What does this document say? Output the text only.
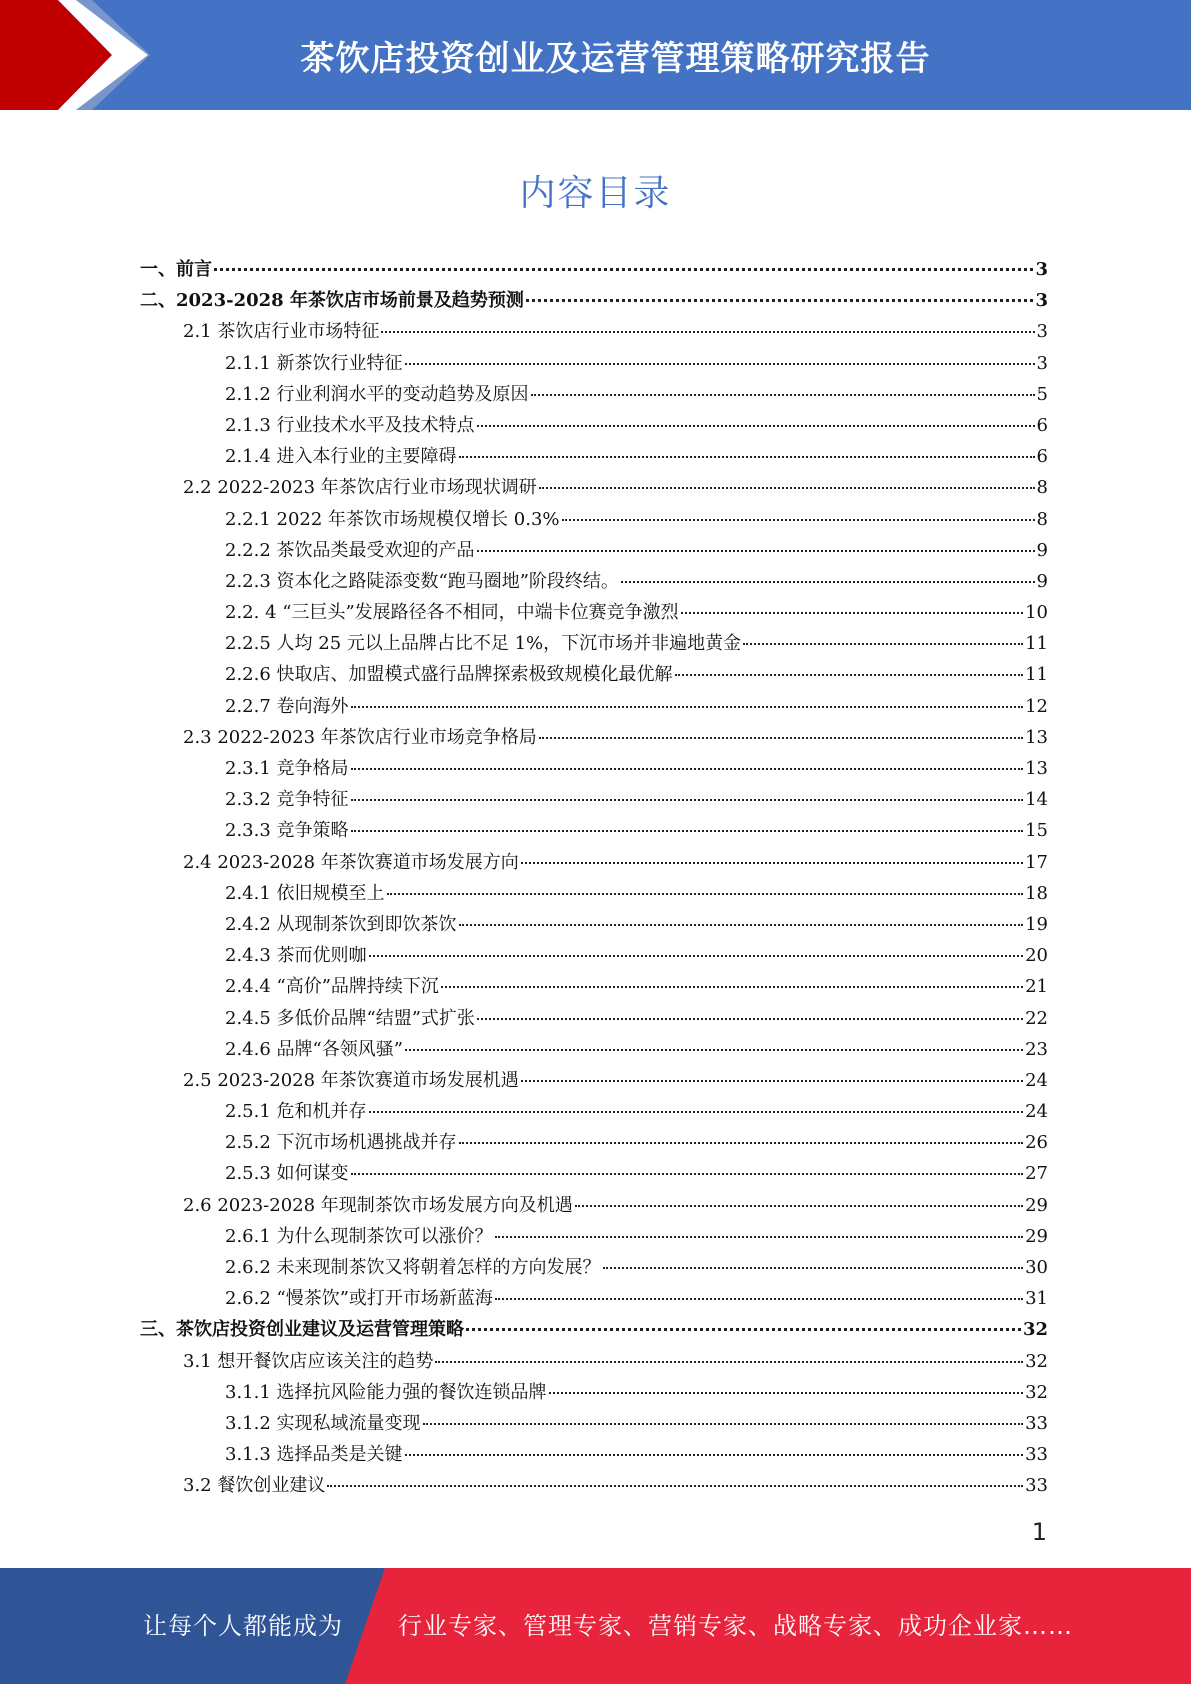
茶饮店投资创业及运营管理策略研究报告
内容目录
一、前言	3
二、2023-2028 年茶饮店市场前景及趋势预测	3
2.1 茶饮店行业市场特征	3
2.1.1 新茶饮行业特征	3
2.1.2 行业利润水平的变动趋势及原因	5
2.1.3 行业技术水平及技术特点	6
2.1.4 进入本行业的主要障碍	6
2.2 2022-2023 年茶饮店行业市场现状调研	8
2.2.1 2022 年茶饮市场规模仅增长 0.3%	8
2.2.2 茶饮品类最受欢迎的产品	9
2.2.3 资本化之路陡添变数“跑马圈地”阶段终结。	9
2.2. 4 “三巨头”发展路径各不相同，中端卡位赛竞争激烈	10
2.2.5 人均 25 元以上品牌占比不足 1%，下沉市场并非遍地黄金	11
2.2.6 快取店、加盟模式盛行品牌探索极致规模化最优解	11
2.2.7 卷向海外	12
2.3 2022-2023 年茶饮店行业市场竞争格局	13
2.3.1 竞争格局	13
2.3.2 竞争特征	14
2.3.3 竞争策略	15
2.4 2023-2028 年茶饮赛道市场发展方向	17
2.4.1 依旧规模至上	18
2.4.2 从现制茶饮到即饮茶饮	19
2.4.3 茶而优则咖	20
2.4.4 “高价”品牌持续下沉	21
2.4.5 多低价品牌“结盟”式扩张	22
2.4.6 品牌“各领风骚”	23
2.5 2023-2028 年茶饮赛道市场发展机遇	24
2.5.1 危和机并存	24
2.5.2 下沉市场机遇挑战并存	26
2.5.3 如何谋变	27
2.6 2023-2028 年现制茶饮市场发展方向及机遇	29
2.6.1 为什么现制茶饮可以涨价？	29
2.6.2 未来现制茶饮又将朝着怎样的方向发展？	30
2.6.2 “慢茶饮”或打开市场新蓝海	31
三、茶饮店投资创业建议及运营管理策略	32
3.1 想开餐饮店应该关注的趋势	32
3.1.1 选择抗风险能力强的餐饮连锁品牌	32
3.1.2 实现私域流量变现	33
3.1.3 选择品类是关键	33
3.2 餐饮创业建议	33
1
让每个人都能成为 行业专家、管理专家、营销专家、战略专家、成功企业家……
